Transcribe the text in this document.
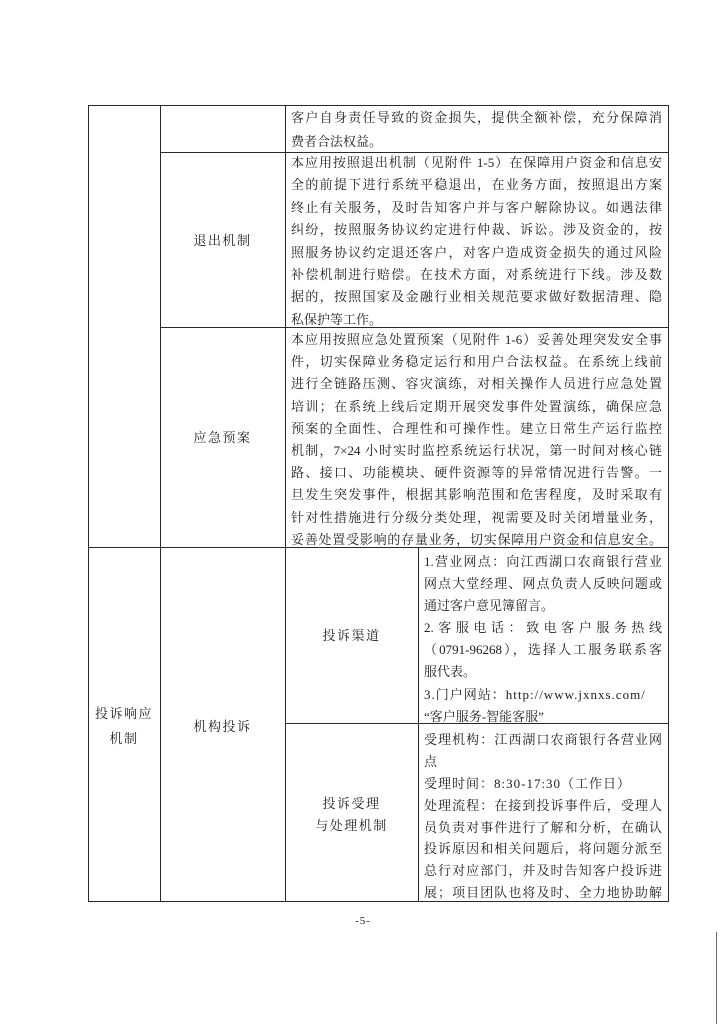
客户自身责任导致的资金损失，提供全额补偿，充分保障消
费者合法权益。
退出机制
本应用按照退出机制（见附件 1-5）在保障用户资金和信息安
全的前提下进行系统平稳退出，在业务方面，按照退出方案
终止有关服务，及时告知客户并与客户解除协议。如遇法律
纠纷，按照服务协议约定进行仲裁、诉讼。涉及资金的，按
照服务协议约定退还客户，对客户造成资金损失的通过风险
补偿机制进行赔偿。在技术方面，对系统进行下线。涉及数
据的，按照国家及金融行业相关规范要求做好数据清理、隐
私保护等工作。
应急预案
本应用按照应急处置预案（见附件 1-6）妥善处理突发安全事
件，切实保障业务稳定运行和用户合法权益。在系统上线前
进行全链路压测、容灾演练，对相关操作人员进行应急处置
培训；在系统上线后定期开展突发事件处置演练，确保应急
预案的全面性、合理性和可操作性。建立日常生产运行监控
机制，7×24 小时实时监控系统运行状况，第一时间对核心链
路、接口、功能模块、硬件资源等的异常情况进行告警。一
旦发生突发事件，根据其影响范围和危害程度，及时采取有
针对性措施进行分级分类处理，视需要及时关闭增量业务，
妥善处置受影响的存量业务，切实保障用户资金和信息安全。
投诉响应
机制
机构投诉
投诉渠道
1.营业网点：向江西湖口农商银行营业
网点大堂经理、网点负责人反映问题或
通过客户意见簿留言。
2.客服电话：致电客户服务热线
（0791-96268），选择人工服务联系客
服代表。
3.门户网站：http://www.jxnxs.com/
“客户服务-智能客服”
投诉受理
与处理机制
受理机构：江西湖口农商银行各营业网
点
受理时间：8:30-17:30（工作日）
处理流程：在接到投诉事件后，受理人
员负责对事件进行了解和分析，在确认
投诉原因和相关问题后，将问题分派至
总行对应部门，并及时告知客户投诉进
展；项目团队也将及时、全力地协助解
-5-
